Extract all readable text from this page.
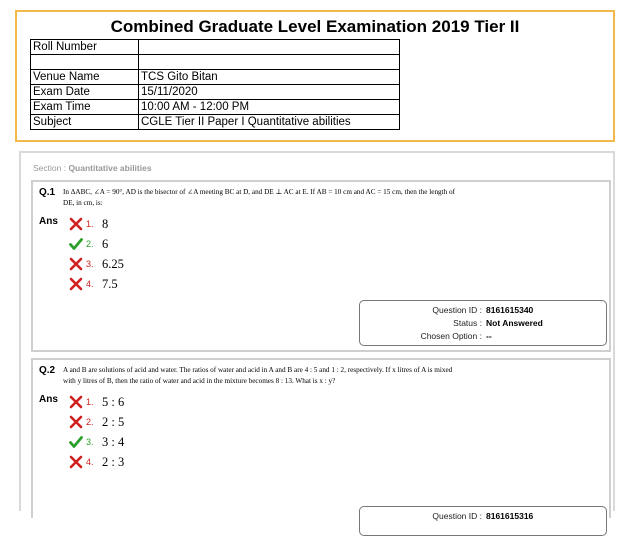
Combined Graduate Level Examination 2019 Tier II
Roll Number	

Venue Name	TCS Gito Bitan
Exam Date	15/11/2020
Exam Time	10:00 AM - 12:00 PM
Subject	CGLE Tier II Paper I Quantitative abilities
Section : Quantitative abilities
Q.1 In ΔABC, ∠A = 90°, AD is the bisector of ∠A meeting BC at D, and DE ⊥ AC at E. If AB = 10 cm and AC = 15 cm, then the length of DE, in cm, is:
Ans	1. 8
2. 6
3. 6.25
4. 7.5
Question ID : 8161615340
Status : Not Answered
Chosen Option : --
Q.2 A and B are solutions of acid and water. The ratios of water and acid in A and B are 4 : 5 and 1 : 2, respectively. If x litres of A is mixed with y litres of B, then the ratio of water and acid in the mixture becomes 8 : 13. What is x : y?
Ans	1. 5 : 6
2. 2 : 5
3. 3 : 4
4. 2 : 3
Question ID : 8161615316
